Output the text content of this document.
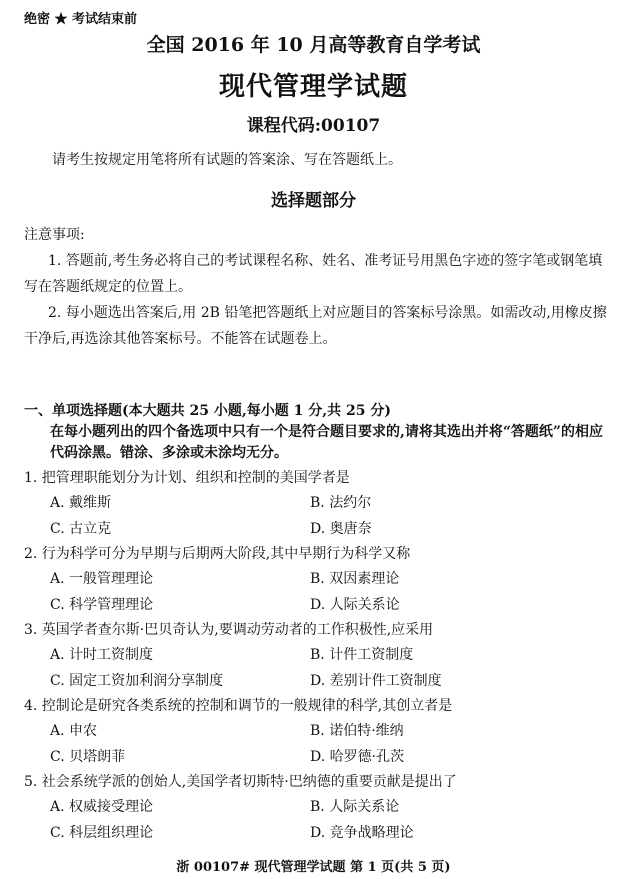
绝密 ★ 考试结束前
全国 2016 年 10 月高等教育自学考试
现代管理学试题
课程代码:00107
请考生按规定用笔将所有试题的答案涂、写在答题纸上。
选择题部分

注意事项:

1. 答题前,考生务必将自己的考试课程名称、姓名、准考证号用黑色字迹的签字笔或钢笔填写在答题纸规定的位置上。

2. 每小题选出答案后,用 2B 铅笔把答题纸上对应题目的答案标号涂黑。如需改动,用橡皮擦干净后,再选涂其他答案标号。不能答在试题卷上。

一、单项选择题(本大题共 25 小题,每小题 1 分,共 25 分)
在每小题列出的四个备选项中只有一个是符合题目要求的,请将其选出并将“答题纸”的相应代码涂黑。错涂、多涂或未涂均无分。
1. 把管理职能划分为计划、组织和控制的美国学者是
A. 戴维斯	B. 法约尔
C. 古立克	D. 奥唐奈
2. 行为科学可分为早期与后期两大阶段,其中早期行为科学又称
A. 一般管理理论	B. 双因素理论
C. 科学管理理论	D. 人际关系论
3. 英国学者查尔斯·巴贝奇认为,要调动劳动者的工作积极性,应采用
A. 计时工资制度	B. 计件工资制度
C. 固定工资加利润分享制度	D. 差别计件工资制度
4. 控制论是研究各类系统的控制和调节的一般规律的科学,其创立者是
A. 申农	B. 诺伯特·维纳
C. 贝塔朗菲	D. 哈罗德·孔茨
5. 社会系统学派的创始人,美国学者切斯特·巴纳德的重要贡献是提出了
A. 权威接受理论	B. 人际关系论
C. 科层组织理论	D. 竞争战略理论
浙 00107# 现代管理学试题 第 1 页(共 5 页)
